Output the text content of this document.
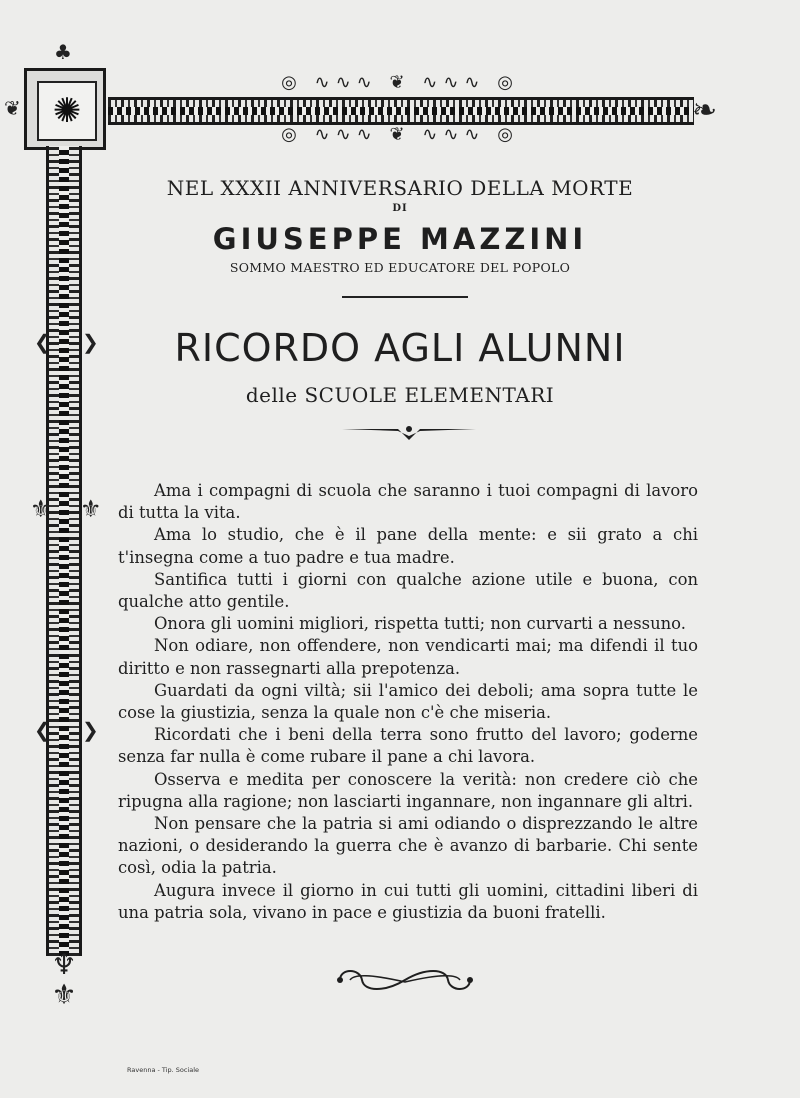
✺
♣
❦	❧
◎ ∿∿∿ ❦ ∿∿∿ ◎
◎ ∿∿∿ ❦ ∿∿∿ ◎
❮ ❯
⚜ ⚜
❮ ❯
♆
⚜
NEL XXXII ANNIVERSARIO DELLA MORTE
DI
GIUSEPPE MAZZINI
SOMMO MAESTRO ED EDUCATORE DEL POPOLO
RICORDO AGLI ALUNNI
delle SCUOLE ELEMENTARI

Ama i compagni di scuola che saranno i tuoi compagni di lavoro di tutta la vita.

Ama lo studio, che è il pane della mente: e sii grato a chi t'insegna come a tuo padre e tua madre.

Santifica tutti i giorni con qualche azione utile e buona, con qualche atto gentile.

Onora gli uomini migliori, rispetta tutti; non curvarti a nessuno.

Non odiare, non offendere, non vendicarti mai; ma difendi il tuo diritto e non rassegnarti alla prepotenza.

Guardati da ogni viltà; sii l'amico dei deboli; ama sopra tutte le cose la giustizia, senza la quale non c'è che miseria.

Ricordati che i beni della terra sono frutto del lavoro; goderne senza far nulla è come rubare il pane a chi lavora.

Osserva e medita per conoscere la verità: non credere ciò che ripugna alla ragione; non lasciarti ingannare, non ingannare gli altri.

Non pensare che la patria si ami odiando o disprezzando le altre nazioni, o desiderando la guerra che è avanzo di barbarie. Chi sente così, odia la patria.

Augura invece il giorno in cui tutti gli uomini, cittadini liberi di una patria sola, vivano in pace e giustizia da buoni fratelli.

Ravenna - Tip. Sociale
